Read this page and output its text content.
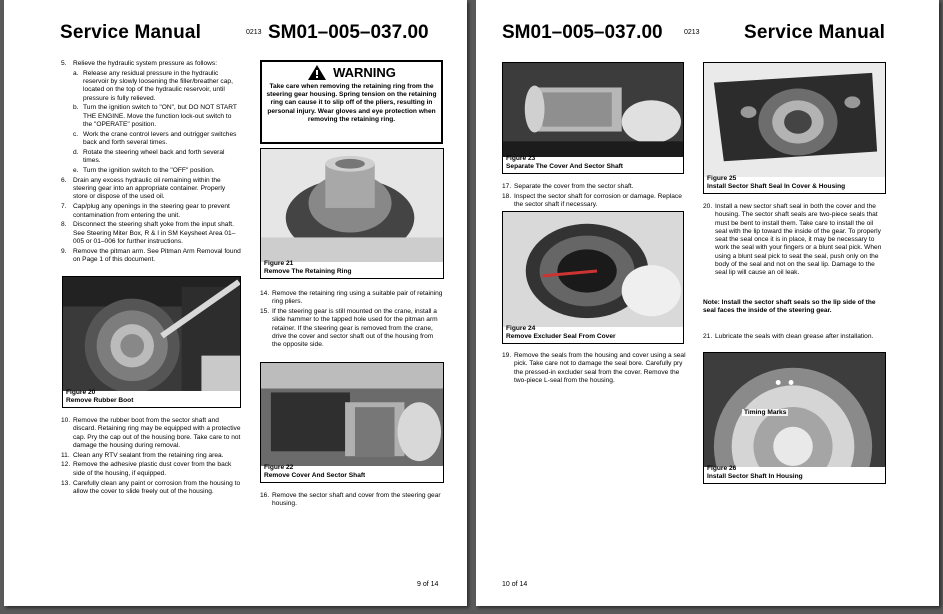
Service Manual	0213 SM01–005–037.00
5. Relieve the hydraulic system pressure as follows:
a. Release any residual pressure in the hydraulic reservoir by slowly loosening the filler/breather cap, located on the top of the hydraulic reservoir, until pressure is fully relieved.
b. Turn the ignition switch to "ON", but DO NOT START THE ENGINE. Move the function lock-out switch to the "OPERATE" position.
c. Work the crane control levers and outrigger switches back and forth several times.
d. Rotate the steering wheel back and forth several times.
e. Turn the ignition switch to the "OFF" position.
6. Drain any excess hydraulic oil remaining within the steering gear into an appropriate container. Properly store or dispose of the used oil.
7. Cap/plug any openings in the steering gear to prevent contamination from entering the unit.
8. Disconnect the steering shaft yoke from the input shaft. See Steering Miter Box, R & I in SM Keysheet Area 01–005 or 01–006 for further instructions.
9. Remove the pitman arm. See Pitman Arm Removal found on Page 1 of this document.
Figure 20
Remove Rubber Boot
10. Remove the rubber boot from the sector shaft and discard. Retaining ring may be equipped with a protective cap. Pry the cap out of the housing bore. Take care to not damage the housing during removal.
11. Clean any RTV sealant from the retaining ring area.
12. Remove the adhesive plastic dust cover from the back side of the housing, if equipped.
13. Carefully clean any paint or corrosion from the housing to allow the cover to slide freely out of the housing.
WARNING
Take care when removing the retaining ring from the steering gear housing. Spring tension on the retaining ring can cause it to slip off of the pliers, resulting in personal injury. Wear gloves and eye protection when removing the retaining ring.
Figure 21
Remove The Retaining Ring
14. Remove the retaining ring using a suitable pair of retaining ring pliers.
15. If the steering gear is still mounted on the crane, install a slide hammer to the tapped hole used for the pitman arm retainer. If the steering gear is removed from the crane, drive the cover and sector shaft out of the housing from the opposite side.
Figure 22
Remove Cover And Sector Shaft
16. Remove the sector shaft and cover from the steering gear housing.
9 of 14
SM01–005–037.00	0213 Service Manual
Figure 23
Separate The Cover And Sector Shaft
17. Separate the cover from the sector shaft.
18. Inspect the sector shaft for corrosion or damage. Replace the sector shaft if necessary.
Figure 24
Remove Excluder Seal From Cover
19. Remove the seals from the housing and cover using a seal pick. Take care not to damage the seal bore. Carefully pry the pressed-in excluder seal from the cover. Remove the two-piece L-seal from the housing.
Figure 25
Install Sector Shaft Seal In Cover & Housing
20. Install a new sector shaft seal in both the cover and the housing. The sector shaft seals are two-piece seals that must be bent to install them. Take care to install the oil seal with the lip toward the inside of the gear. To properly seat the seal once it is in place, it may be necessary to work the seal with your fingers or a blunt seal pick. When using a blunt seal pick to seat the seal, push only on the body of the seal and not on the seal lip. Damage to the seal lip will cause an oil leak.
Note: Install the sector shaft seals so the lip side of the seal faces the inside of the steering gear.
21. Lubricate the seals with clean grease after installation.
Timing Marks
Figure 26
Install Sector Shaft In Housing
10 of 14
